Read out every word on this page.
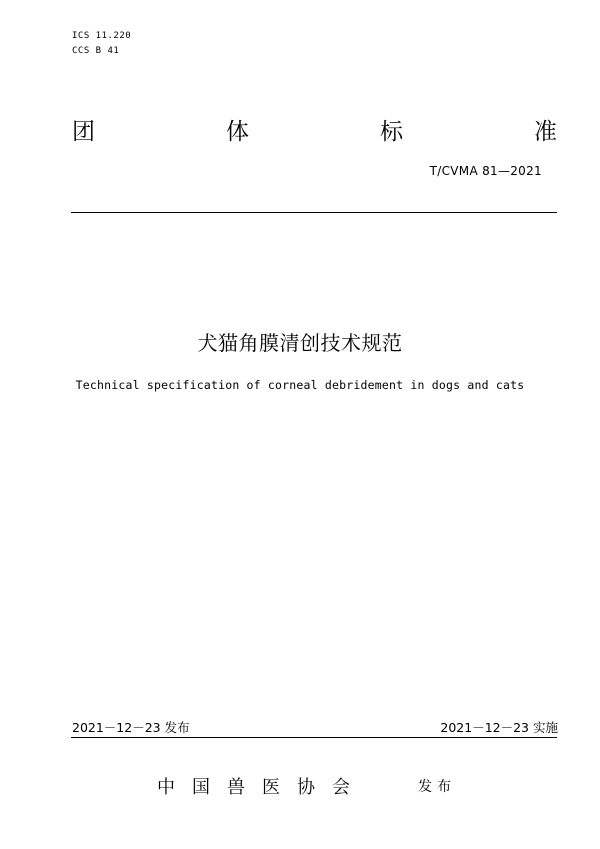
ICS 11.220
CCS B 41
团	体	标	准
T/CVMA 81—2021
犬猫角膜清创技术规范
Technical specification of corneal debridement in dogs and cats
2021－12－23 发布	2021－12－23 实施
中国兽医协会	发布
